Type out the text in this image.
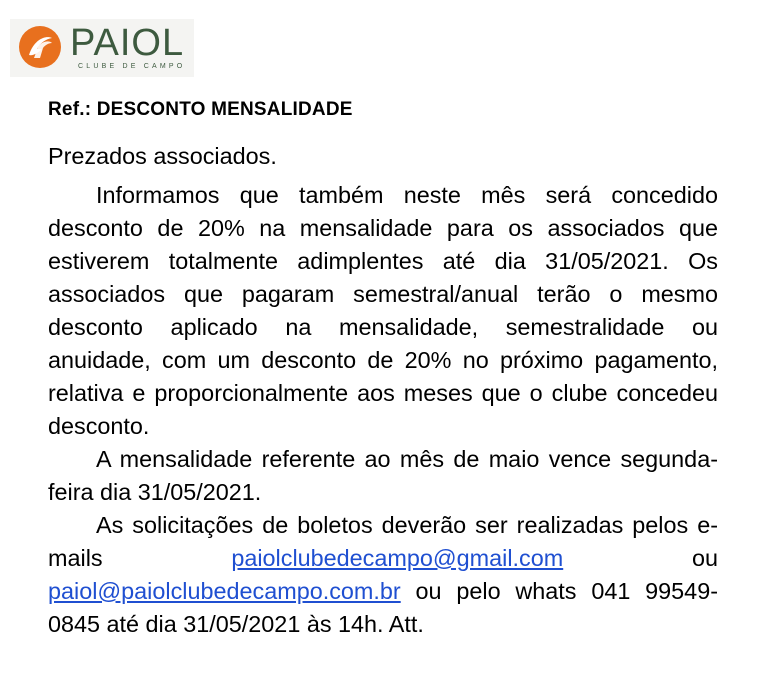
PAIOL
CLUBE DE CAMPO
Ref.: DESCONTO MENSALIDADE

Prezados associados.

Informamos que também neste mês será concedido desconto de 20% na mensalidade para os associados que estiverem totalmente adimplentes até dia 31/05/2021. Os associados que pagaram semestral/anual terão o mesmo desconto aplicado na mensalidade, semestralidade ou anuidade, com um desconto de 20% no próximo pagamento, relativa e proporcionalmente aos meses que o clube concedeu desconto.

A mensalidade referente ao mês de maio vence segunda-feira dia 31/05/2021.

As solicitações de boletos deverão ser realizadas pelos e-mails paiolclubedecampo@gmail.com ou paiol@paiolclubedecampo.com.br ou pelo whats 041 99549-0845 até dia 31/05/2021 às 14h. Att.
